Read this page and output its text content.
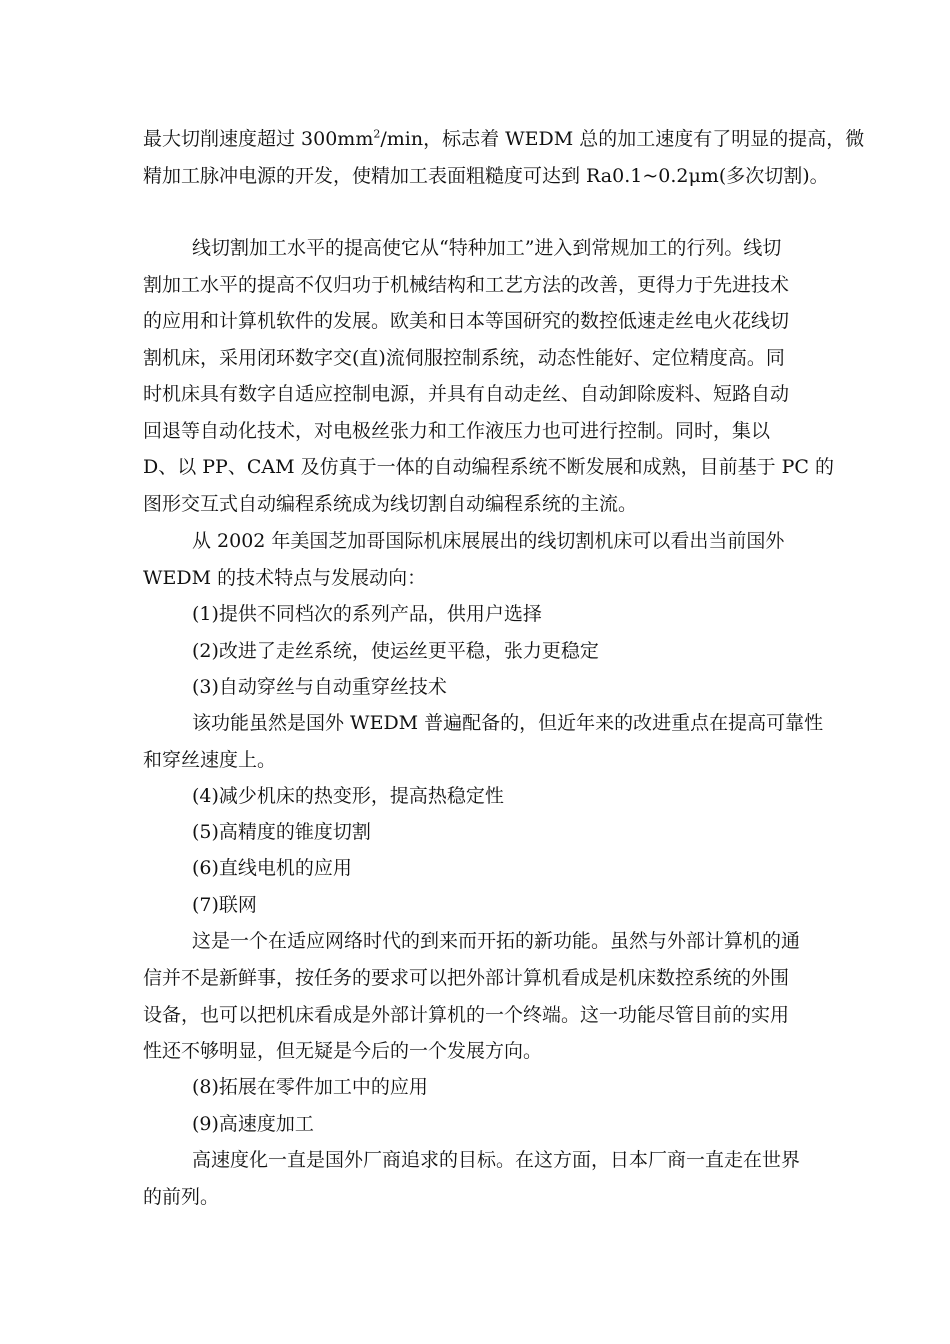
最大切削速度超过 $300mm^2/\min$，标志着 WEDM 总的加工速度有了明显的提高，微
精加工脉冲电源的开发，使精加工表面粗糙度可达到 Ra0.1~0.2μm(多次切割)。
线切割加工水平的提高使它从“特种加工”进入到常规加工的行列。线切
割加工水平的提高不仅归功于机械结构和工艺方法的改善，更得力于先进技术
的应用和计算机软件的发展。欧美和日本等国研究的数控低速走丝电火花线切
割机床，采用闭环数字交(直)流伺服控制系统，动态性能好、定位精度高。同
时机床具有数字自适应控制电源，并具有自动走丝、自动卸除废料、短路自动
回退等自动化技术，对电极丝张力和工作液压力也可进行控制。同时，集以
D、以 PP、CAM 及仿真于一体的自动编程系统不断发展和成熟，目前基于 PC 的
图形交互式自动编程系统成为线切割自动编程系统的主流。
从 2002 年美国芝加哥国际机床展展出的线切割机床可以看出当前国外
WEDM 的技术特点与发展动向：
(1)提供不同档次的系列产品，供用户选择
(2)改进了走丝系统，使运丝更平稳，张力更稳定
(3)自动穿丝与自动重穿丝技术
该功能虽然是国外 WEDM 普遍配备的，但近年来的改进重点在提高可靠性
和穿丝速度上。
(4)减少机床的热变形，提高热稳定性
(5)高精度的锥度切割
(6)直线电机的应用
(7)联网
这是一个在适应网络时代的到来而开拓的新功能。虽然与外部计算机的通
信并不是新鲜事，按任务的要求可以把外部计算机看成是机床数控系统的外围
设备，也可以把机床看成是外部计算机的一个终端。这一功能尽管目前的实用
性还不够明显，但无疑是今后的一个发展方向。
(8)拓展在零件加工中的应用
(9)高速度加工
高速度化一直是国外厂商追求的目标。在这方面，日本厂商一直走在世界
的前列。
